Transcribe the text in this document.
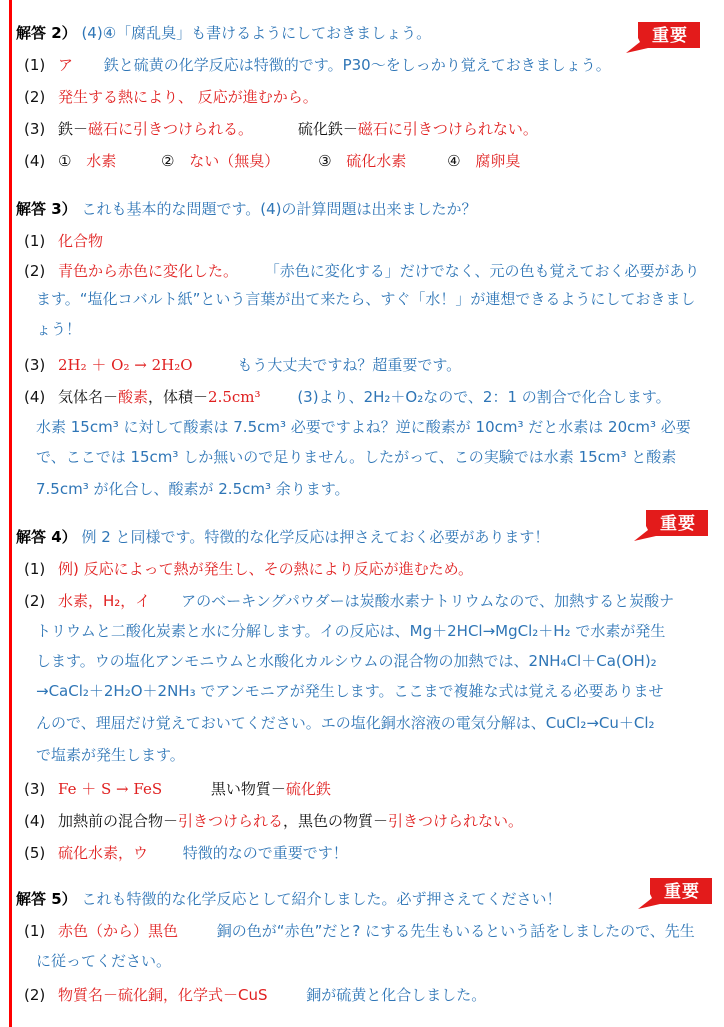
重要
重要
重要
解答 2） (4)④「腐乱臭」も書けるようにしておきましょう。
(1) ア 鉄と硫黄の化学反応は特徴的です。P30～をしっかり覚えておきましょう。
(2) 発生する熱により、 反応が進むから。
(3) 鉄－磁石に引きつけられる。	硫化鉄－磁石に引きつけられない。
(4) ① 水素	② ない（無臭）	③ 硫化水素	④ 腐卵臭
解答 3） これも基本的な問題です。(4)の計算問題は出来ましたか？
(1) 化合物
(2) 青色から赤色に変化した。 「赤色に変化する」だけでなく、元の色も覚えておく必要があり
ます。“塩化コバルト紙”という言葉が出て来たら、すぐ「水！」が連想できるようにしておきまし
ょう！
(3) 2H₂ ＋ O₂ → 2H₂O	もう大丈夫ですね？超重要です。
(4) 気体名－酸素，体積－2.5cm³ (3)より、2H₂＋O₂なので、2：1 の割合で化合します。
水素 15cm³ に対して酸素は 7.5cm³ 必要ですよね？逆に酸素が 10cm³ だと水素は 20cm³ 必要
で、ここでは 15cm³ しか無いので足りません。したがって、この実験では水素 15cm³ と酸素
7.5cm³ が化合し、酸素が 2.5cm³ 余ります。
解答 4） 例 2 と同様です。特徴的な化学反応は押さえておく必要があります！
(1) 例) 反応によって熱が発生し、その熱により反応が進むため。
(2) 水素，H₂，イ アのベーキングパウダーは炭酸水素ナトリウムなので、加熱すると炭酸ナ
トリウムと二酸化炭素と水に分解します。イの反応は、Mg＋2HCl→MgCl₂＋H₂ で水素が発生
します。ウの塩化アンモニウムと水酸化カルシウムの混合物の加熱では、2NH₄Cl＋Ca(OH)₂
→CaCl₂＋2H₂O＋2NH₃ でアンモニアが発生します。ここまで複雑な式は覚える必要ありませ
んので、理屈だけ覚えておいてください。エの塩化銅水溶液の電気分解は、CuCl₂→Cu＋Cl₂
で塩素が発生します。
(3) Fe ＋ S → FeS	黒い物質－硫化鉄
(4) 加熱前の混合物－引きつけられる，黒色の物質－引きつけられない。
(5) 硫化水素，ウ 特徴的なので重要です！
解答 5） これも特徴的な化学反応として紹介しました。必ず押さえてください！
(1) 赤色（から）黒色	銅の色が“赤色”だと? にする先生もいるという話をしましたので、先生
に従ってください。
(2) 物質名－硫化銅，化学式－CuS	銅が硫黄と化合しました。
